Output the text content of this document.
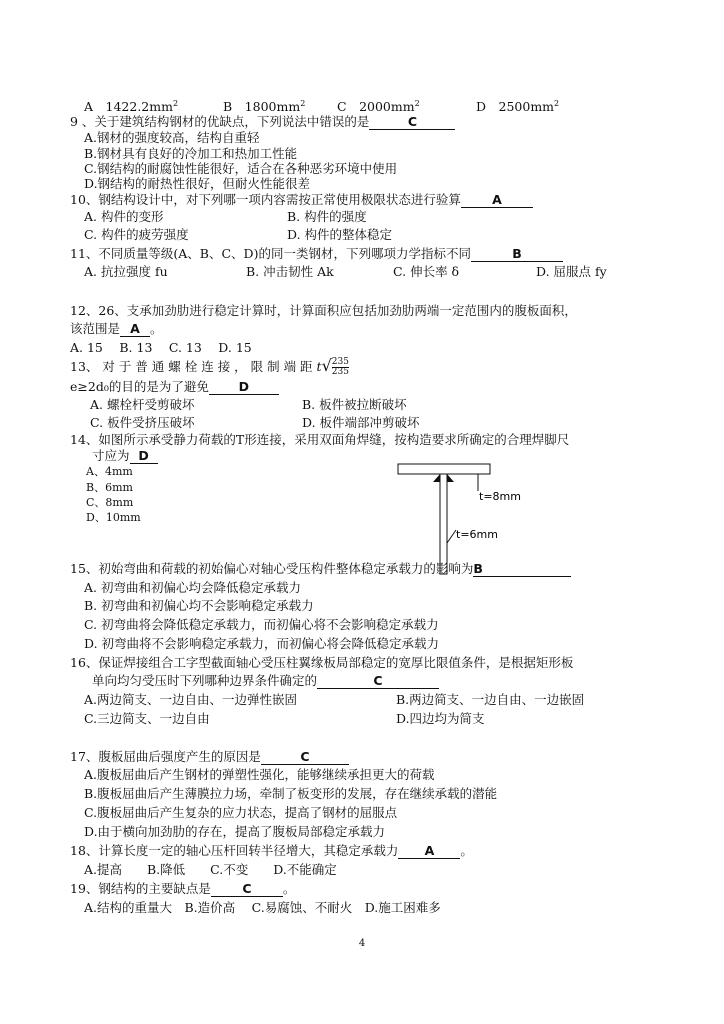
A　$1422.2mm^2$	B　$1800mm^2$	C　$2000mm^2$	D　$2500mm^2$
9 、关于建筑结构钢材的优缺点，下列说法中错误的是	C
A.钢材的强度较高，结构自重轻
B.钢材具有良好的冷加工和热加工性能
C.钢结构的耐腐蚀性能很好，适合在各种恶劣环境中使用
D.钢结构的耐热性很好，但耐火性能很差
10、钢结构设计中，对下列哪一项内容需按正常使用极限状态进行验算 A
A. 构件的变形	B. 构件的强度
C. 构件的疲劳强度	D. 构件的整体稳定
11、不同质量等级(A、B、C、D)的同一类钢材，下列哪项力学指标不同	B
A. 抗拉强度 fu	B. 冲击韧性 Ak	C. 伸长率 δ	D. 屈服点 fy
12、26、支承加劲肋进行稳定计算时，计算面积应包括加劲肋两端一定范围内的腹板面积，
该范围是 A 。
A. 15　 B. 13　 C. 13　 D. 15
13、 对 于 普 通 螺 栓 连 接 ， 限 制 端 距 $t√ \frac{235}{235}$
e≥2d₀的目的是为了避免 D
A. 螺栓杆受剪破坏	B. 板件被拉断破坏
C. 板件受挤压破坏	D. 板件端部冲剪破坏
14、如图所示承受静力荷载的T形连接，采用双面角焊缝，按构造要求所确定的合理焊脚尺
寸应为 D
A、4mm
B、6mm
C、8mm
D、10mm
t=8mm
t=6mm
15、初始弯曲和荷载的初始偏心对轴心受压构件整体稳定承载力的影响为B
A. 初弯曲和初偏心均会降低稳定承载力
B. 初弯曲和初偏心均不会影响稳定承载力
C. 初弯曲将会降低稳定承载力，而初偏心将不会影响稳定承载力
D. 初弯曲将不会影响稳定承载力，而初偏心将会降低稳定承载力
16、保证焊接组合工字型截面轴心受压柱翼缘板局部稳定的宽厚比限值条件，是根据矩形板
单向均匀受压时下列哪种边界条件确定的	C
A.两边简支、一边自由、一边弹性嵌固	B.两边简支、一边自由、一边嵌固
C.三边简支、一边自由	D.四边均为简支
17、腹板屈曲后强度产生的原因是	C
A.腹板屈曲后产生钢材的弹塑性强化，能够继续承担更大的荷载
B.腹板屈曲后产生薄膜拉力场，牵制了板变形的发展，存在继续承载的潜能
C.腹板屈曲后产生复杂的应力状态，提高了钢材的屈服点
D.由于横向加劲肋的存在，提高了腹板局部稳定承载力
18、计算长度一定的轴心压杆回转半径增大，其稳定承载力 A 。
A.提高　　B.降低　　C.不变　　D.不能确定
19、钢结构的主要缺点是	C	。
A.结构的重量大　B.造价高　 C.易腐蚀、不耐火　D.施工困难多
4
